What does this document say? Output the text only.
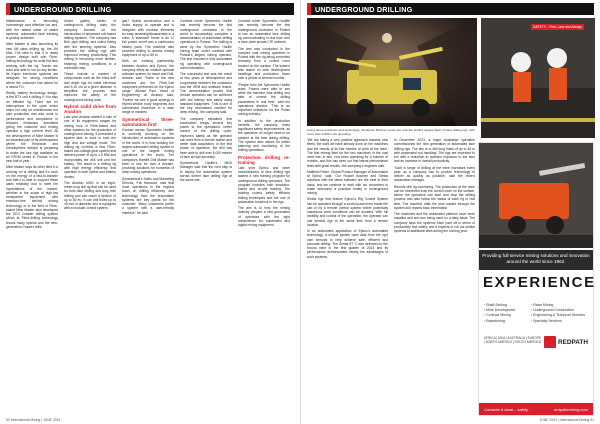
UNDERGROUND DRILLING

Maintenance is becoming increasingly cost effective too and, with the added value of status systems, automated fault tracking is quickly achieved.

Mine Master is also launching its new 4M class drilling rig, the 4M Max. The idea is that it is ready proven design built with Fibre-drilling technology for solid flat face working with the rig. Tracks are solid and able to run on any terrain. Its Kopex electronic systems are designed for strong conditions where the customer has asked for a robust T.D.

Really, battery technology design, is the BTX unit it drilling it. It is also an efficient rig. There are no interruptions in the cycle which helps not only on maintenance but also production and also more in performance and compliance in reduced emissions standards giving the customer and mining operator a high comfort level. All the development of Mine Master is an essential part of its development where the Research and Development division is preparing to make the key rigs available as an ER1M series in Poland in the next half of year.

Mine Master says its other field it is working on is drilling and it's work on the energy of a fast-to-transfer and that it is able to support these sales reliability and to meet the expectations of the market, whether in the scope of high-low transparent equipment with emission-free electric mining technology or in the field of Fibre-based Mine Master also developed the SCD Crawler drilling system which at Fibre-drilling technology shows many special and the new-generation Crawler drills.

Under gallery series of underground drilling units, the company focuses on the introduction of advanced coil-based drilling systems. The company has Bell, pipe drilling, and coiled tubing with the steering systems. Also provides the drilling rigs with improved mining productivity. This drilling is becoming more flexible, enabling mining conditions in a controlled way.

These include a number of components such as the 'blind-drill' and depth rigs for cable electrical and 5-10 cm at a given distance. It simplifies the process and improves the safety of the underground mining work.

Hybrid solid drive from Anadon

Last year Anadon started a sale of one of its equipment ranges for mining rock in Fibre-based and other systems for the production of underground mining. It presented a system able to work in both the high and low voltage mode. The drilling rig controls a new Fibre-based low-voltage gear system that delivers power of up to 1.5 MW and incorporates the drill unit and the battery. The result is a drilling rig with high energy efficiency that operates in both hybrid and battery modes.

The Anadon MGD is an eight-meter-long drill rig that can be used for both face drilling and long hole drilling and can reach a section of up to 50 m². It can drill holes up to 45 mm in diameter and is equipped with a modular control system.

gas? Hybrid construction and a motor supply to operate and is designed with modular elements for easy assembly/disassembly in a mine. A 'standard' frame is an 11 kW power on/off and a continuous battery pack. The machine also provides drilling to access mining equipment of up to 60 m.

With an existing partnership between Anadon and Epiroc, the company offers an intuitive optional software system for travel and Drill, Anadon said. 'Some of the new machines are, the Fibre-Cab equipment performed on the Epiroc range,' Ahmad Paul, Head of Engineering at Anadon said, 'Further we see a good synergy in Hybrid-vehicle body segments and commercial machines in a wide range of markets.'

Symmetrical three-automation first

Contact across Symmetric Hartlife is currently focusing on the introduction of automation systems in the world. It is now building the largest automated drilling system in one of the largest mining operations in the world. The company's Hartlife Drill Master has been in use for over a decade, providing solutions for hundreds of deep mining operations.

Symmetrical's Sales and Marketing Director, Pat Harwood, said that most operations in the regions focus on drilling efficiency, and technology from the automation systems are key points for the customer. 'Many customers prefer a system with a user-friendly interface,' he said.

Contract miner Symmetric Harlife has recently become the first underground contractor in the world to successfully complete a demonstration of automated drilling operations in Poland. The drilling is done by the Symmetric Harlife mining team under contract with Poland's largest mining operator. The test included a fully automated rig operating with underground communications.

The successful test was the result of two years of development and cooperation between the contractor and the OEM and software teams. The demonstration proved that remote operation can be achieved with low latency and safely using standard equipment. 'This is one of the key innovations needed for deep mining,' the company said.

The company explained that automation brings several key points to the operations: better control of the drilling cycle, improved safety as the operator can work from a remote station and better data acquisition. In the first phase of operation, the drill has been able to drill over 5,000 metres of face at high accuracy.

Symmetrical Harlife's MDD Manager said that the next step is to deploy the automation system across further face drilling rigs at the same site.

Contract miner Symmetric Hartlife has recently become the first underground contractor in Poland to use an automated face drilling rig communicating in real time over a mine-wide private LTE network.

The test was conducted in the complex coal mining operation in Poland with the rig being controlled remotely from a control room located on the surface. The system was tested on both development headings and production faces over a period of several months.

'People from the Symmetric Harlife team, Poland were able to see while the machine was drilling and able to correct the drilling parameters in real time,' said the operations director. 'This is an important milestone for the Polish mining industry.'

In addition to the production benefits, the company notes significant safety improvements, as the operators no longer need to be present at the face during drilling. The system also allows for better planning and monitoring of the drilling operations.

Protection drilling re-training

Last year Epiroc and other manufacturers of face drilling rigs started a new training program for underground drilling operators. The program includes both simulator-based and on-site training. The training covers safety, efficient drilling techniques and the use of automation functions in the rigs.

The aim is to help the mining industry prepare a new generation of operators with the right competence for automated and digital mining equipment.

50 International Mining | JUNE 2024
UNDERGROUND DRILLING
Using drone machines and technology, the Epiroc Boomer series are now the world's largest fleets of face drilling rigs, with more than 4,000 units operating
SAFETY - First, Last and Always

'We are taking a very positive approach towards new fleets; the work we have already done on the machines and the results of its first months of work at the mine. The first mining fleet for the two machines in the coal mine has, in fact, now been operating for a number of months, and this has seen our first lateral performance tests with great results,' the company's engineer said.

Matthew Petrie, Global Product Manager of Automation at Epiroc, said: 'Our Rocket Boomer and Simba solutions with the latest software are the best in their class, and we continue to work with our customers to make autonomy a practical reality in underground mining.'

Simba rigs that feature Epiroc's Rig Control System can be operated through a control panel from inside the cab or by a remote control system where potentially hazardous work conditions can be avoided. With full visibility and control of the operation, the operator can use several rigs at the same time from a remote location.

In an automated application of Epiroc's automated technology, a unique system uses data from the rig's own sensors to help achieve safe, efficient and accurate drilling. The Simba E7 C was delivered to the Kiruna mine in the first quarter of 2024 and its performance demonstrated clearly the advantages of such systems.

In December 2023, a major Australian operation commissioned the new generation of automated face drilling rigs. The aim is to drill long holes of up to 45 m with automated rod handling. The rigs are expected to run with a reduction in operator exposure to the face and an increase in overall productivity.

'Such a range of drilling at the mine increases every year, as a company has to provide technology to deliver as quickly as possible,' said the mine's automation manager.

Remote drill rig monitoring. The production at the mine can be monitored from the control room on the surface, where the operators can start and stop the drilling process and also follow the status of each rig in real time. The machine drills the plan loaded through the system and reports back information.

The machines and the automated platform have been installed and are now being used on a daily basis. The company says the systems have paid off in terms of productivity and safety, and it expects to roll out similar systems to additional sites during the coming year.

Providing full service mining solutions and innovation around the world since 1962.
EXPERIENCE
› Shaft Sinking
› Mine Development
› Contract Mining
› Raiseboring
› Raise Mining
› Underground Construction
› Engineering & Technical Services
› Specialty Services
AFRICA | ASIA | AUSTRALIA | EUROPE | NORTH AMERICA | SOUTH AMERICA	REDPATH
Consider it done – safely.	redpathmining.com
JUNE 2024 | International Mining 51
